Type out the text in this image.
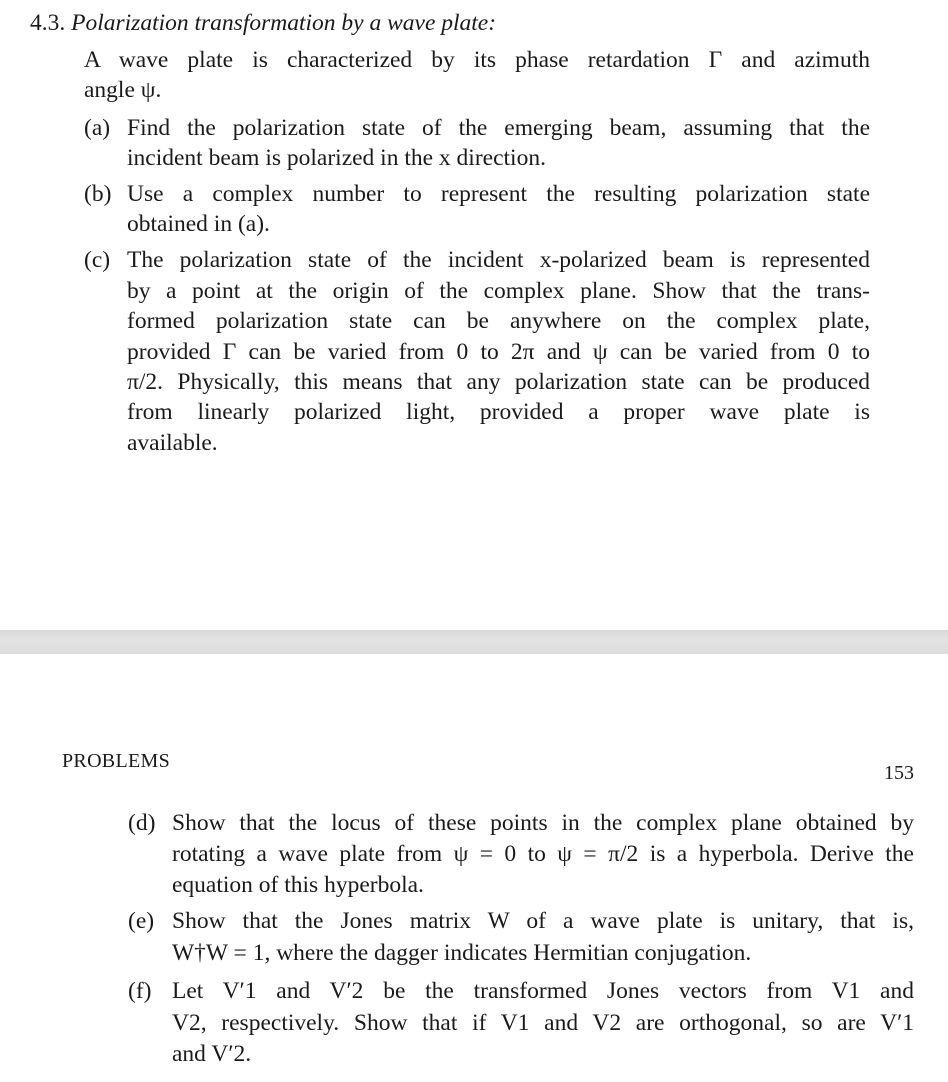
4.3. Polarization transformation by a wave plate:
A wave plate is characterized by its phase retardation Γ and azimuth
angle ψ.
(a) Find the polarization state of the emerging beam, assuming that the
incident beam is polarized in the x direction.
(b) Use a complex number to represent the resulting polarization state
obtained in (a).
(c) The polarization state of the incident x-polarized beam is represented
by a point at the origin of the complex plane. Show that the trans-
formed polarization state can be anywhere on the complex plate,
provided Γ can be varied from 0 to 2π and ψ can be varied from 0 to
π/2. Physically, this means that any polarization state can be produced
from linearly polarized light, provided a proper wave plate is
available.
PROBLEMS
153
(d) Show that the locus of these points in the complex plane obtained by
rotating a wave plate from ψ = 0 to ψ = π/2 is a hyperbola. Derive the
equation of this hyperbola.
(e) Show that the Jones matrix W of a wave plate is unitary, that is,
W†W = 1, where the dagger indicates Hermitian conjugation.
(f) Let V′1 and V′2 be the transformed Jones vectors from V1 and
V2, respectively. Show that if V1 and V2 are orthogonal, so are V′1
and V′2.
